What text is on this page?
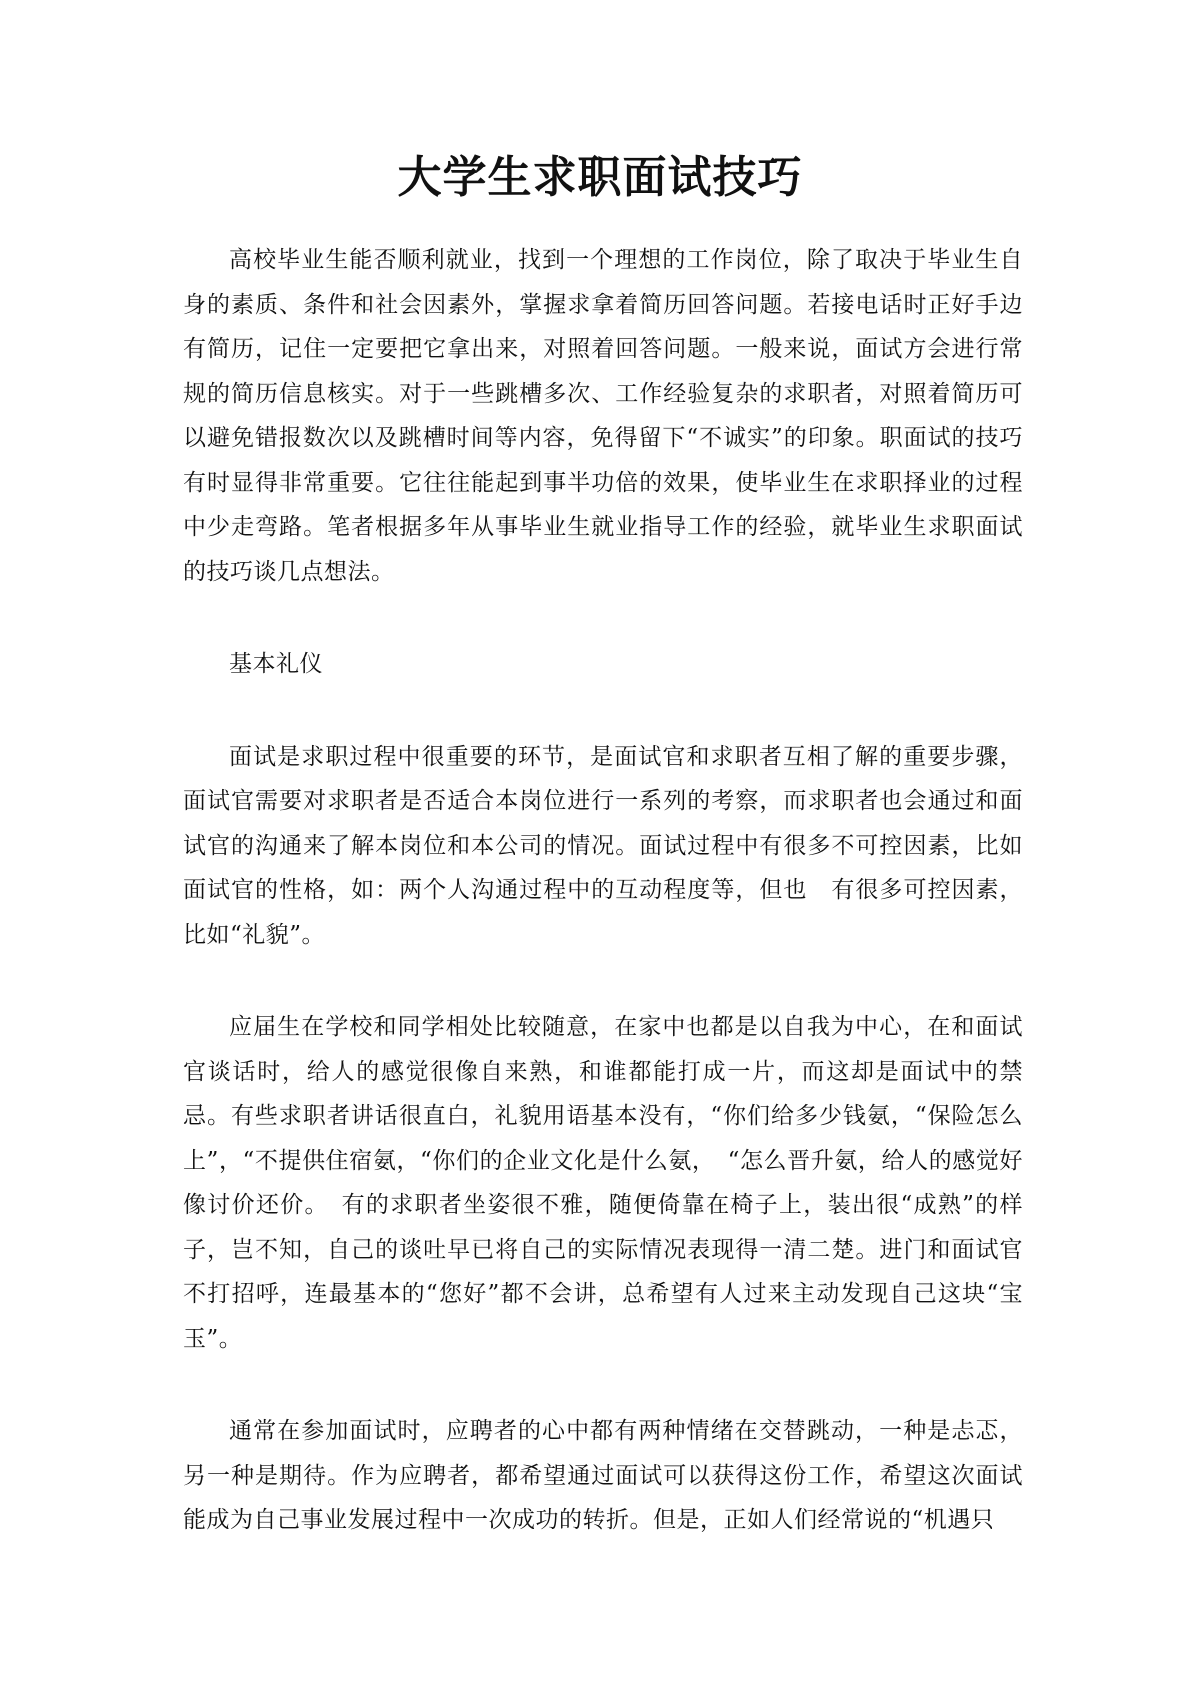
大学生求职面试技巧

高校毕业生能否顺利就业，找到一个理想的工作岗位，除了取决于毕业生自身的素质、条件和社会因素外，掌握求拿着简历回答问题。若接电话时正好手边有简历，记住一定要把它拿出来，对照着回答问题。一般来说，面试方会进行常规的简历信息核实。对于一些跳槽多次、工作经验复杂的求职者，对照着简历可以避免错报数次以及跳槽时间等内容，免得留下“不诚实”的印象。职面试的技巧有时显得非常重要。它往往能起到事半功倍的效果，使毕业生在求职择业的过程中少走弯路。笔者根据多年从事毕业生就业指导工作的经验，就毕业生求职面试的技巧谈几点想法。

基本礼仪

面试是求职过程中很重要的环节，是面试官和求职者互相了解的重要步骤，面试官需要对求职者是否适合本岗位进行一系列的考察，而求职者也会通过和面试官的沟通来了解本岗位和本公司的情况。面试过程中有很多不可控因素，比如面试官的性格，如：两个人沟通过程中的互动程度等，但也　有很多可控因素，比如“礼貌”。

应届生在学校和同学相处比较随意，在家中也都是以自我为中心，在和面试官谈话时，给人的感觉很像自来熟，和谁都能打成一片，而这却是面试中的禁忌。有些求职者讲话很直白，礼貌用语基本没有，“你们给多少钱氨，“保险怎么上”，“不提供住宿氨，“你们的企业文化是什么氨，　“怎么晋升氨，给人的感觉好像讨价还价。　有的求职者坐姿很不雅，随便倚靠在椅子上，装出很“成熟”的样子，岂不知，自己的谈吐早已将自己的实际情况表现得一清二楚。进门和面试官不打招呼，连最基本的“您好”都不会讲，总希望有人过来主动发现自己这块“宝玉”。

通常在参加面试时，应聘者的心中都有两种情绪在交替跳动，一种是忐忑，另一种是期待。作为应聘者，都希望通过面试可以获得这份工作，希望这次面试能成为自己事业发展过程中一次成功的转折。但是，正如人们经常说的“机遇只
